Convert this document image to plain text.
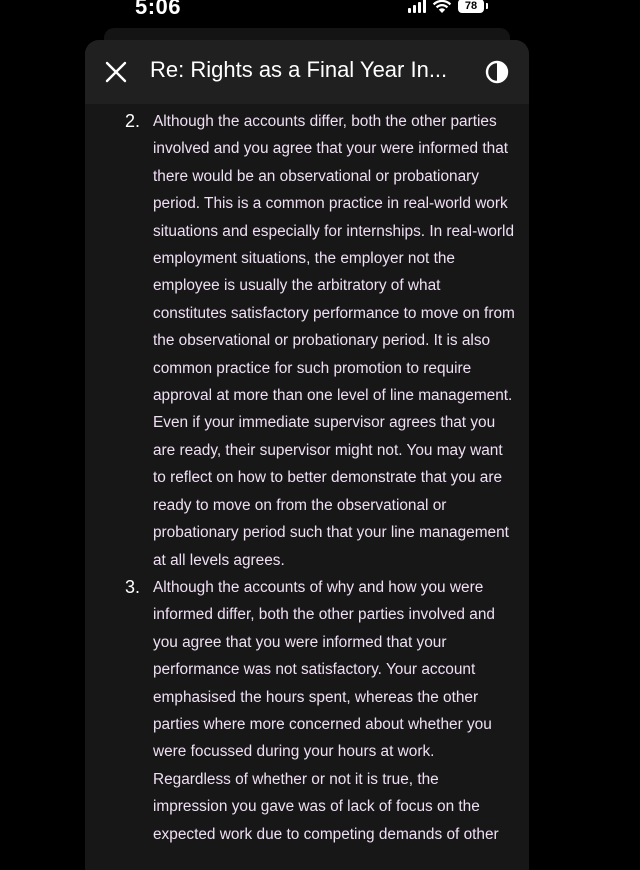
5:06	78
Re: Rights as a Final Year In...
2. Although the accounts differ, both the other parties involved and you agree that your were informed that there would be an observational or probationary period. This is a common practice in real-world work situations and especially for internships. In real-world employment situations, the employer not the employee is usually the arbitratory of what constitutes satisfactory performance to move on from the observational or probationary period. It is also common practice for such promotion to require approval at more than one level of line management. Even if your immediate supervisor agrees that you are ready, their supervisor might not. You may want to reflect on how to better demonstrate that you are ready to move on from the observational or probationary period such that your line management at all levels agrees.

3. Although the accounts of why and how you were informed differ, both the other parties involved and you agree that you were informed that your performance was not satisfactory. Your account emphasised the hours spent, whereas the other parties where more concerned about whether you were focussed during your hours at work. Regardless of whether or not it is true, the impression you gave was of lack of focus on the expected work due to competing demands of other
